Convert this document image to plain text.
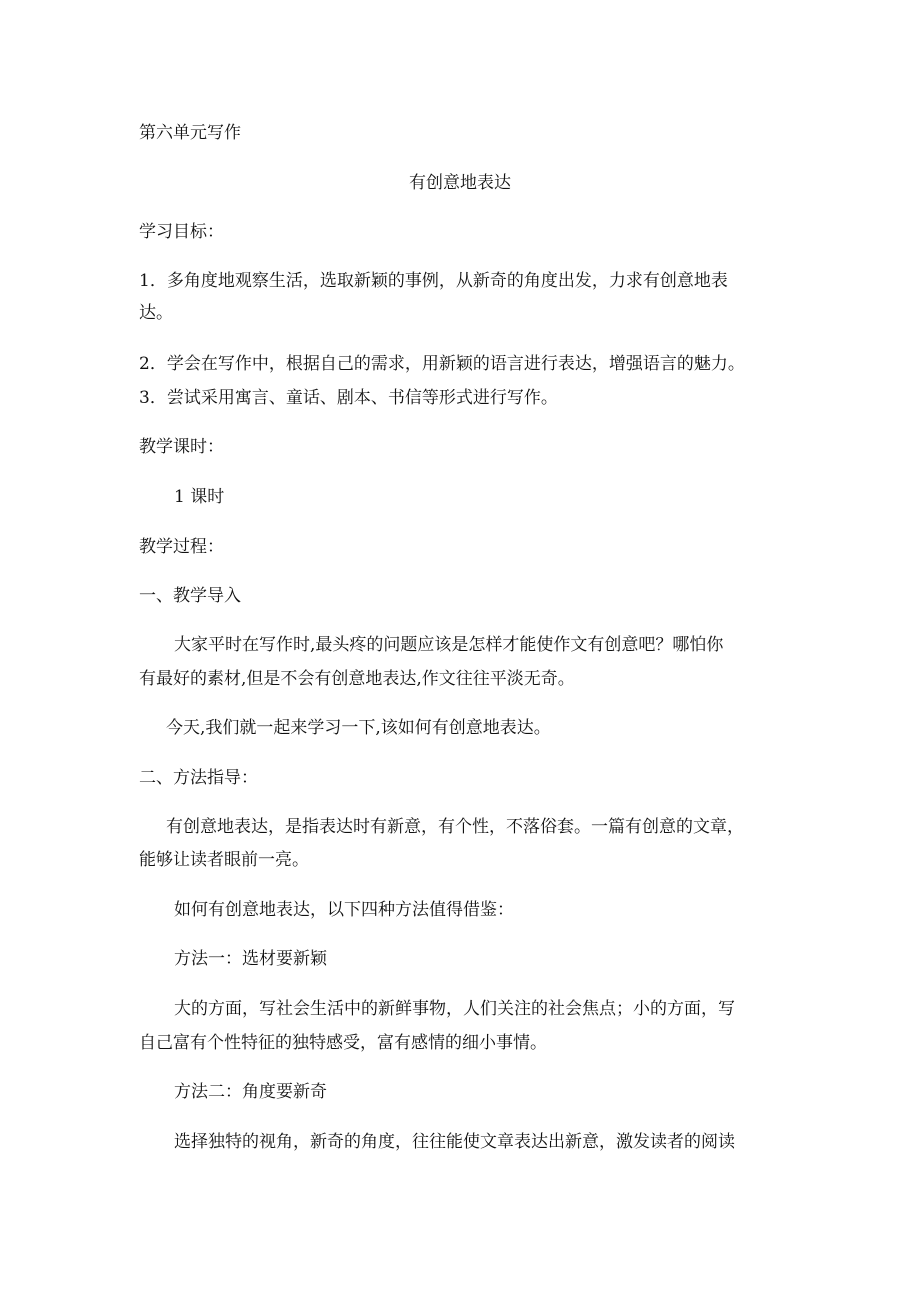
第六单元写作
有创意地表达
学习目标：
1．多角度地观察生活，选取新颖的事例，从新奇的角度出发，力求有创意地表
达。
2．学会在写作中，根据自己的需求，用新颖的语言进行表达，增强语言的魅力。
3．尝试采用寓言、童话、剧本、书信等形式进行写作。
教学课时：
1 课时
教学过程：
一、教学导入
大家平时在写作时,最头疼的问题应该是怎样才能使作文有创意吧？哪怕你
有最好的素材,但是不会有创意地表达,作文往往平淡无奇。
今天,我们就一起来学习一下,该如何有创意地表达。
二、方法指导：
有创意地表达，是指表达时有新意，有个性，不落俗套。一篇有创意的文章，
能够让读者眼前一亮。
如何有创意地表达，以下四种方法值得借鉴：
方法一：选材要新颖
大的方面，写社会生活中的新鲜事物，人们关注的社会焦点；小的方面，写
自己富有个性特征的独特感受，富有感情的细小事情。
方法二：角度要新奇
选择独特的视角，新奇的角度，往往能使文章表达出新意，激发读者的阅读
